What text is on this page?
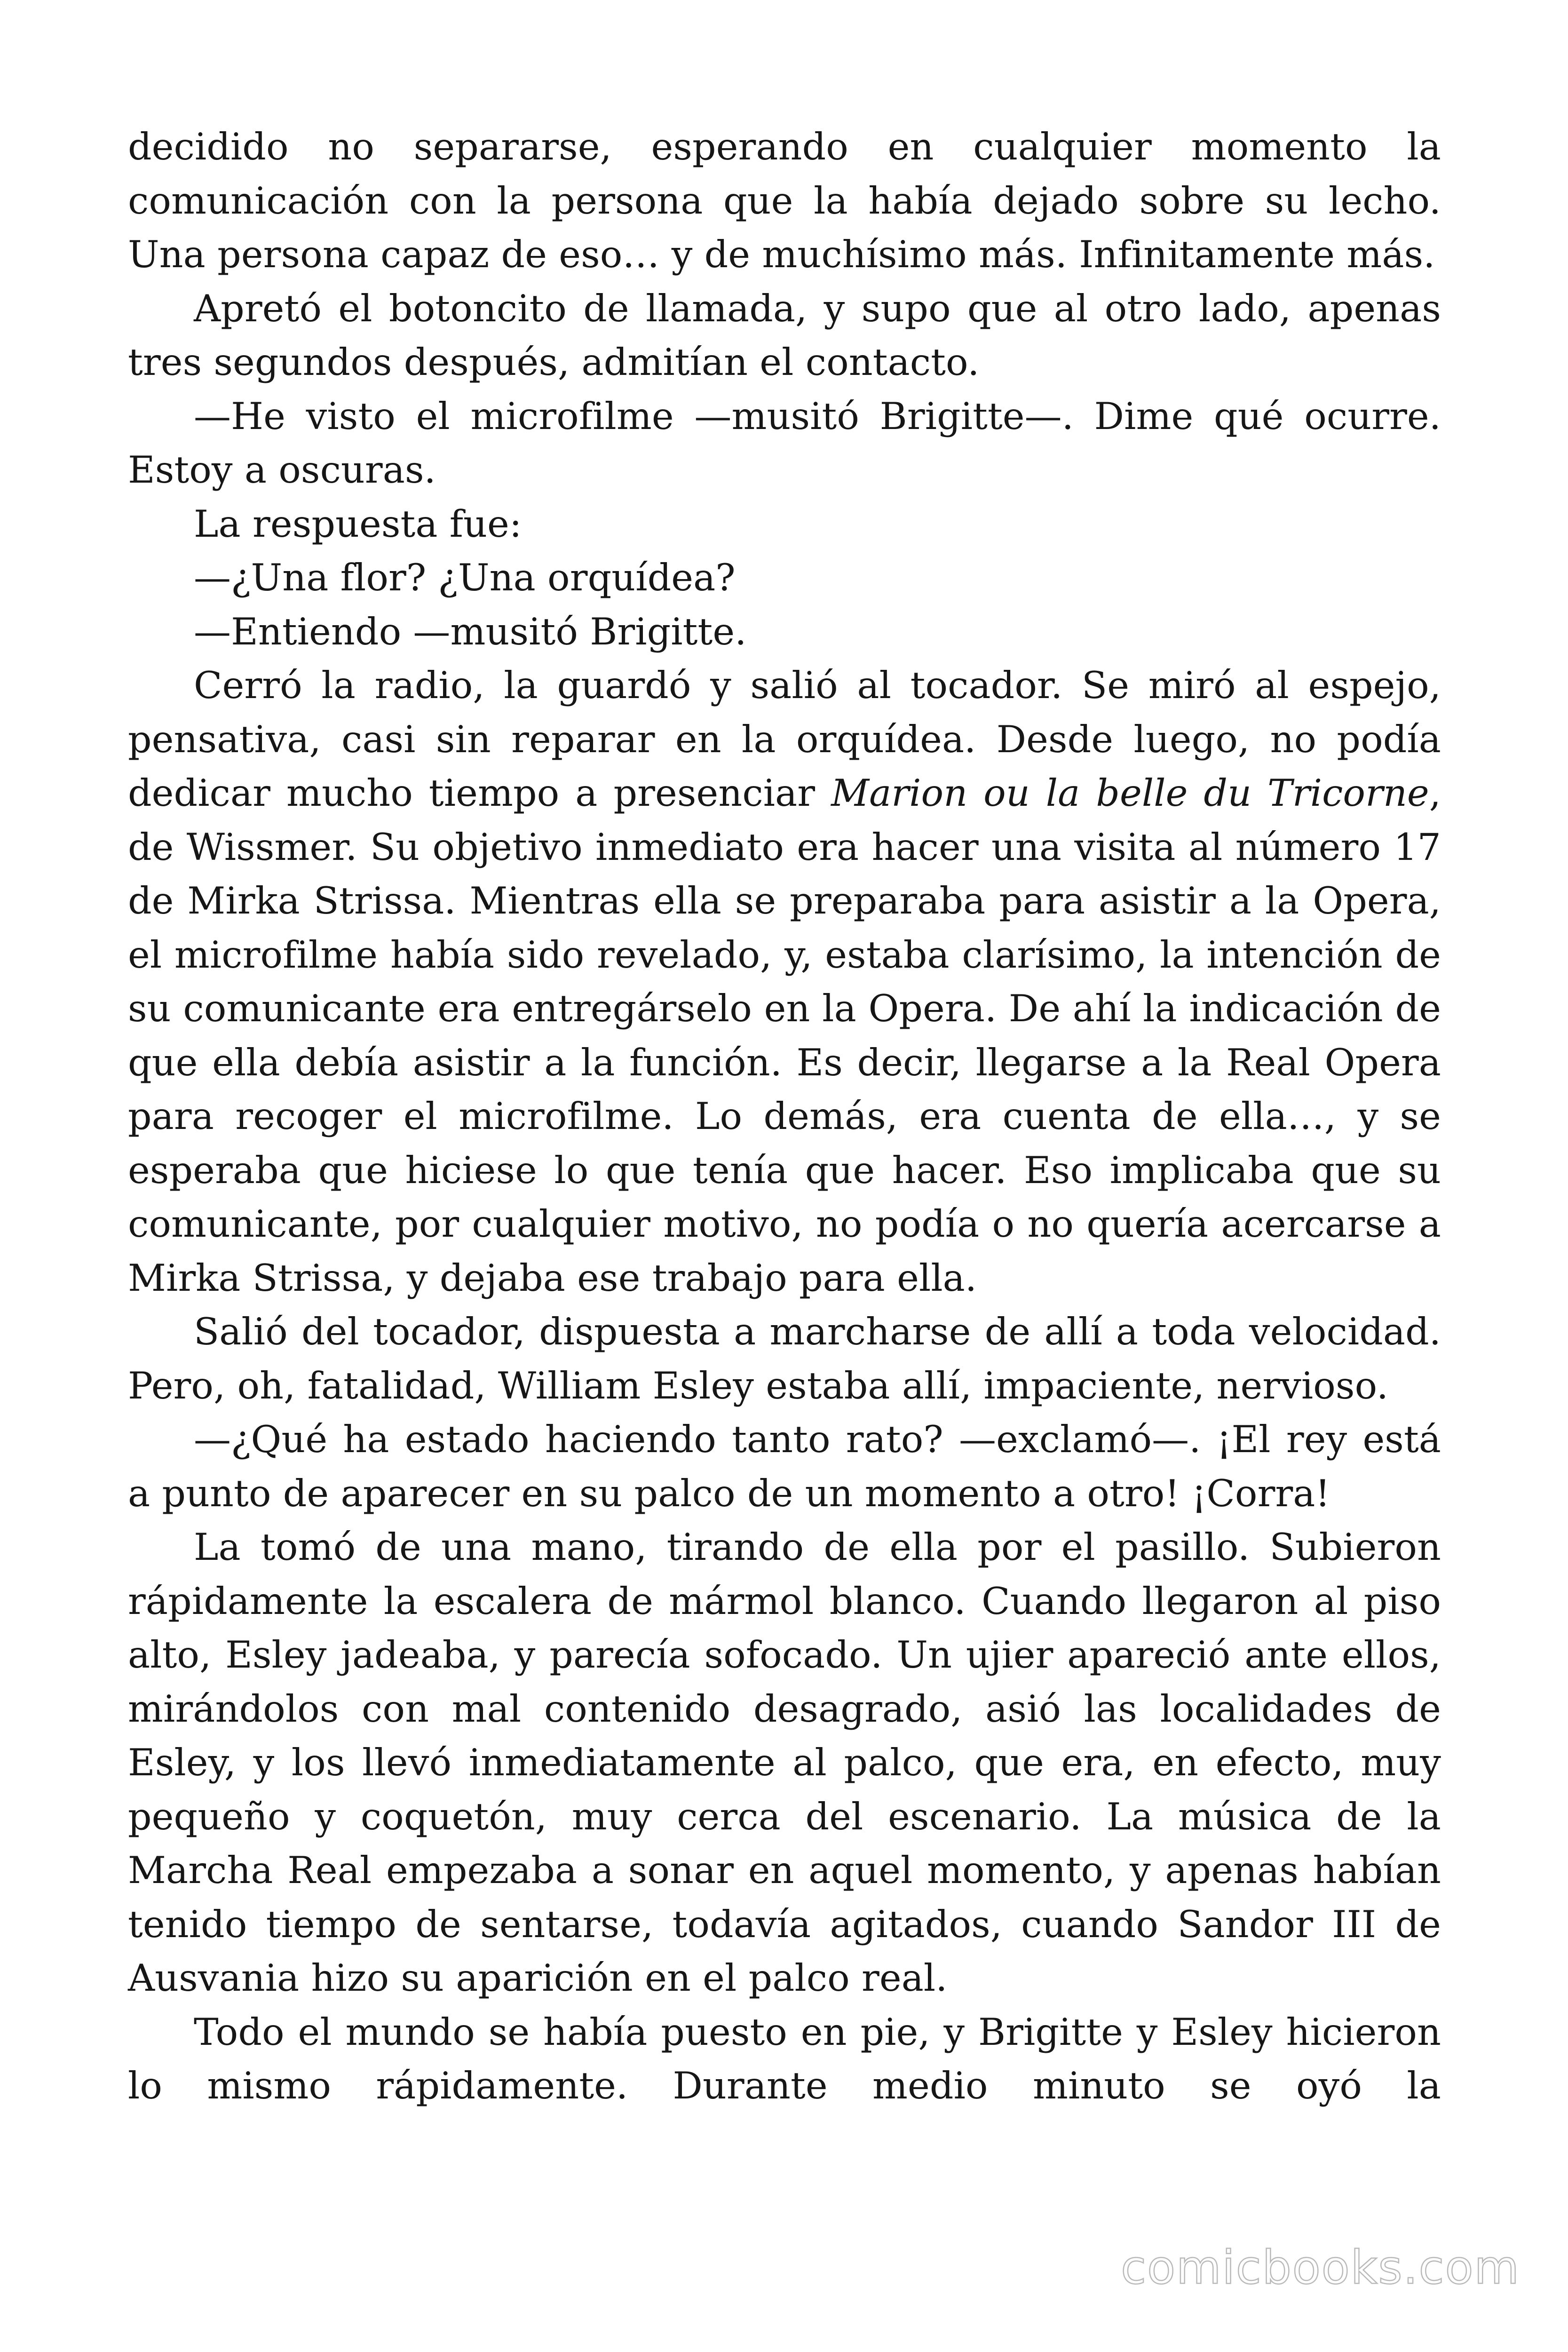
decidido no separarse, esperando en cualquier momento la comunicación con la persona que la había dejado sobre su lecho. Una persona capaz de eso… y de muchísimo más. Infinitamente más.

Apretó el botoncito de llamada, y supo que al otro lado, apenas tres segundos después, admitían el contacto.

—He visto el microfilme —musitó Brigitte—. Dime qué ocurre. Estoy a oscuras.

La respuesta fue:

—¿Una flor? ¿Una orquídea?

—Entiendo —musitó Brigitte.

Cerró la radio, la guardó y salió al tocador. Se miró al espejo, pensativa, casi sin reparar en la orquídea. Desde luego, no podía dedicar mucho tiempo a presenciar Marion ou la belle du Tricorne, de Wissmer. Su objetivo inmediato era hacer una visita al número 17 de Mirka Strissa. Mientras ella se preparaba para asistir a la Opera, el microfilme había sido revelado, y, estaba clarísimo, la intención de su comunicante era entregárselo en la Opera. De ahí la indicación de que ella debía asistir a la función. Es decir, llegarse a la Real Opera para recoger el microfilme. Lo demás, era cuenta de ella…, y se esperaba que hiciese lo que tenía que hacer. Eso implicaba que su comunicante, por cualquier motivo, no podía o no quería acercarse a Mirka Strissa, y dejaba ese trabajo para ella.

Salió del tocador, dispuesta a marcharse de allí a toda velocidad. Pero, oh, fatalidad, William Esley estaba allí, impaciente, nervioso.

—¿Qué ha estado haciendo tanto rato? —exclamó—. ¡El rey está a punto de aparecer en su palco de un momento a otro! ¡Corra!

La tomó de una mano, tirando de ella por el pasillo. Subieron rápidamente la escalera de mármol blanco. Cuando llegaron al piso alto, Esley jadeaba, y parecía sofocado. Un ujier apareció ante ellos, mirándolos con mal contenido desagrado, asió las localidades de Esley, y los llevó inmediatamente al palco, que era, en efecto, muy pequeño y coquetón, muy cerca del escenario. La música de la Marcha Real empezaba a sonar en aquel momento, y apenas habían tenido tiempo de sentarse, todavía agitados, cuando Sandor III de Ausvania hizo su aparición en el palco real.

Todo el mundo se había puesto en pie, y Brigitte y Esley hicieron lo mismo rápidamente. Durante medio minuto se oyó la

comicbooks.com
